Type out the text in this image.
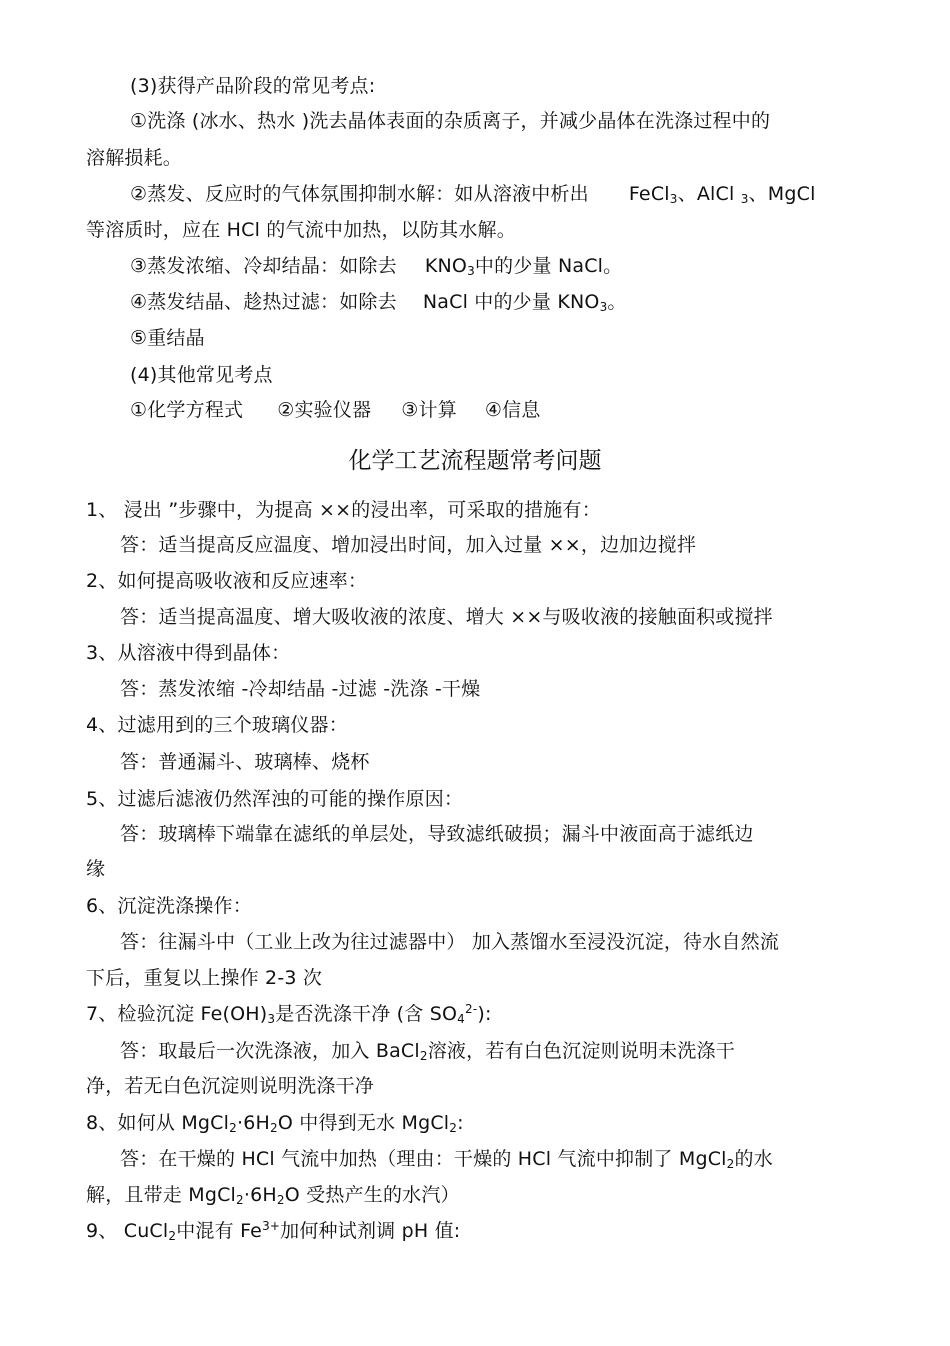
(3)获得产品阶段的常见考点:
①洗涤 (冰水、热水 )洗去晶体表面的杂质离子，并减少晶体在洗涤过程中的
溶解损耗。
②蒸发、反应时的气体氛围抑制水解：如从溶液中析出 FeCl$_3$、AlCl $_3$、MgCl
等溶质时，应在 HCl 的气流中加热，以防其水解。
③蒸发浓缩、冷却结晶：如除去 $KNO_3$中的少量 NaCl。
④蒸发结晶、趁热过滤：如除去 NaCl 中的少量 $KNO_3$。
⑤重结晶
(4)其他常见考点
①化学方程式 ②实验仪器 ③计算 ④信息
化学工艺流程题常考问题
1、 浸出 ”步骤中，为提高 ××的浸出率，可采取的措施有：
答：适当提高反应温度、增加浸出时间，加入过量 ××，边加边搅拌
2、如何提高吸收液和反应速率：
答：适当提高温度、增大吸收液的浓度、增大 ××与吸收液的接触面积或搅拌
3、从溶液中得到晶体：
答：蒸发浓缩 -冷却结晶 -过滤 -洗涤 -干燥
4、过滤用到的三个玻璃仪器：
答：普通漏斗、玻璃棒、烧杯
5、过滤后滤液仍然浑浊的可能的操作原因：
答：玻璃棒下端靠在滤纸的单层处，导致滤纸破损；漏斗中液面高于滤纸边
缘
6、沉淀洗涤操作：
答：往漏斗中（工业上改为往过滤器中） 加入蒸馏水至浸没沉淀，待水自然流
下后，重复以上操作 2-3 次
7、检验沉淀 $Fe(OH)_3$是否洗涤干净 (含 $SO_4^{2-}$):
答：取最后一次洗涤液，加入 BaCl$_2$溶液，若有白色沉淀则说明未洗涤干
净，若无白色沉淀则说明洗涤干净
8、如何从 $MgCl_2\cdot 6H_2O$ 中得到无水 MgCl$_2$:
答：在干燥的 HCl 气流中加热（理由：干燥的 HCl 气流中抑制了 MgCl$_2$的水
解，且带走 $MgCl_2\cdot 6H_2O$ 受热产生的水汽）
9、 CuCl$_2$中混有 $Fe^{3+}$加何种试剂调 pH 值:
